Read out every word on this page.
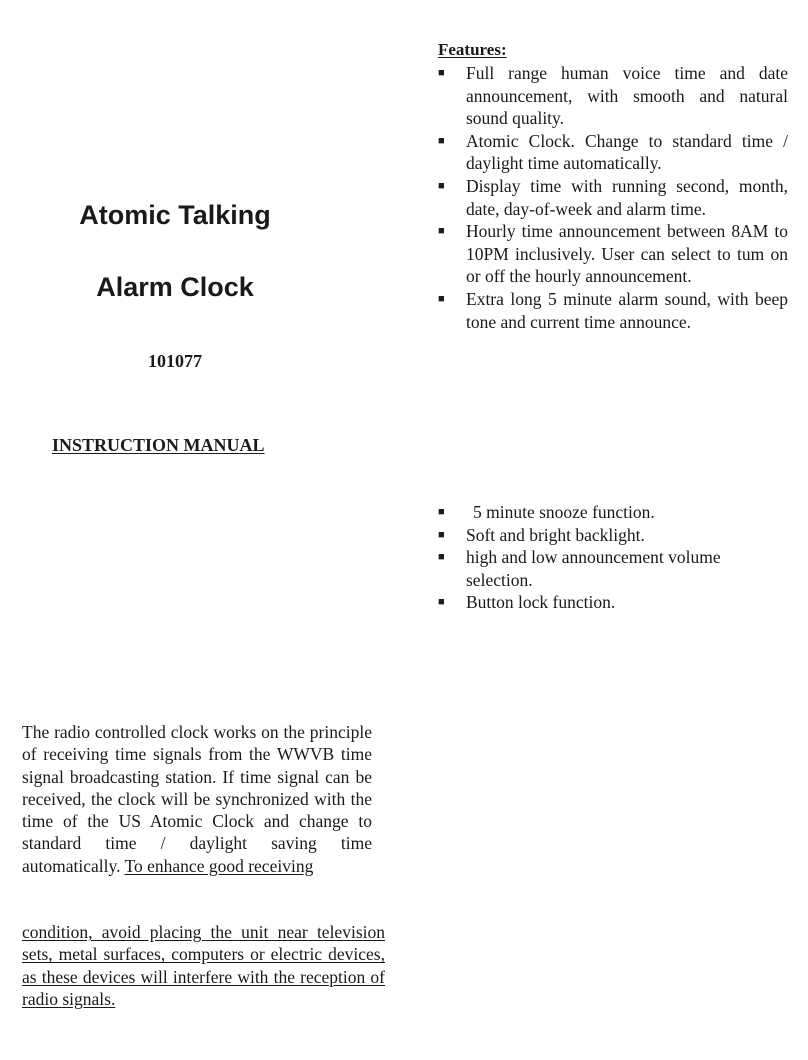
Atomic Talking
Alarm Clock
101077
INSTRUCTION MANUAL
Features:
■	Full range human voice time and date announcement, with smooth and natural sound quality.
■	Atomic Clock. Change to standard time / daylight time automatically.
■	Display time with running second, month, date, day-of-week and alarm time.
■	Hourly time announcement between 8AM to 10PM inclusively. User can select to tum on or off the hourly announcement.
■	Extra long 5 minute alarm sound, with beep tone and current time announce.
■	5 minute snooze function.
■	Soft and bright backlight.
■	high and low announcement volume selection.
■	Button lock function.

The radio controlled clock works on the principle of receiving time signals from the WWVB time signal broadcasting station. If time signal can be received, the clock will be synchronized with the time of the US Atomic Clock and change to standard time / daylight saving time automatically. To enhance good receiving

condition, avoid placing the unit near television sets, metal surfaces, computers or electric devices, as these devices will interfere with the reception of radio signals.
